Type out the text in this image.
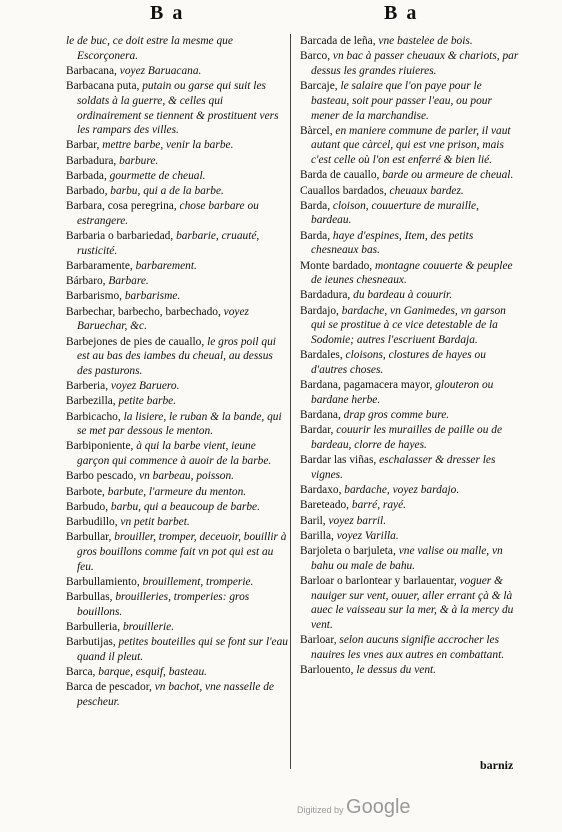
B a	B a
le de buc, ce doit estre la mesme que Escorçonera.
Barbacana, voyez Baruacana.
Barbacana puta, putain ou garse qui suit les soldats à la guerre, & celles qui ordinairement se tiennent & prostituent vers les rampars des villes.
Barbar, mettre barbe, venir la barbe.
Barbadura, barbure.
Barbada, gourmette de cheual.
Barbado, barbu, qui a de la barbe.
Barbara, cosa peregrina, chose barbare ou estrangere.
Barbaria o barbariedad, barbarie, cruauté, rusticité.
Barbaramente, barbarement.
Bárbaro, Barbare.
Barbarismo, barbarisme.
Barbechar, barbecho, barbechado, voyez Baruechar, &c.
Barbejones de pies de cauallo, le gros poil qui est au bas des iambes du cheual, au dessus des pasturons.
Barberia, voyez Baruero.
Barbezilla, petite barbe.
Barbicacho, la lisiere, le ruban & la bande, qui se met par dessous le menton.
Barbiponiente, à qui la barbe vient, ieune garçon qui commence à auoir de la barbe.
Barbo pescado, vn barbeau, poisson.
Barbote, barbute, l'armeure du menton.
Barbudo, barbu, qui a beaucoup de barbe.
Barbudillo, vn petit barbet.
Barbullar, brouiller, tromper, deceuoir, bouillir à gros bouillons comme fait vn pot qui est au feu.
Barbullamiento, brouillement, tromperie.
Barbullas, brouilleries, tromperies: gros bouillons.
Barbulleria, brouillerie.
Barbutijas, petites bouteilles qui se font sur l'eau quand il pleut.
Barca, barque, esquif, basteau.
Barca de pescador, vn bachot, vne nasselle de pescheur.
Barcada de leña, vne bastelee de bois.
Barco, vn bac à passer cheuaux & chariots, par dessus les grandes riuieres.
Barcaje, le salaire que l'on paye pour le basteau, soit pour passer l'eau, ou pour mener de la marchandise.
Bàrcel, en maniere commune de parler, il vaut autant que càrcel, qui est vne prison, mais c'est celle où l'on est enferré & bien lié.
Barda de cauallo, barde ou armeure de cheual.
Cauallos bardados, cheuaux bardez.
Barda, cloison, couuerture de muraille, bardeau.
Barda, haye d'espines, Item, des petits chesneaux bas.
Monte bardado, montagne couuerte & peuplee de ieunes chesneaux.
Bardadura, du bardeau à couurir.
Bardajo, bardache, vn Ganimedes, vn garson qui se prostitue à ce vice detestable de la Sodomie; autres l'escriuent Bardaja.
Bardales, cloisons, clostures de hayes ou d'autres choses.
Bardana, pagamacera mayor, glouteron ou bardane herbe.
Bardana, drap gros comme bure.
Bardar, couurir les murailles de paille ou de bardeau, clorre de hayes.
Bardar las viñas, eschalasser & dresser les vignes.
Bardaxo, bardache, voyez bardajo.
Bareteado, barré, rayé.
Baril, voyez barril.
Barilla, voyez Varilla.
Barjoleta o barjuleta, vne valise ou malle, vn bahu ou male de bahu.
Barloar o barlontear y barlauentar, voguer & nauiger sur vent, ouuer, aller errant çà & là auec le vaisseau sur la mer, & à la mercy du vent.
Barloar, selon aucuns signifie accrocher les nauires les vnes aux autres en combattant.
Barlouento, le dessus du vent.
barniz
Digitized by Google
